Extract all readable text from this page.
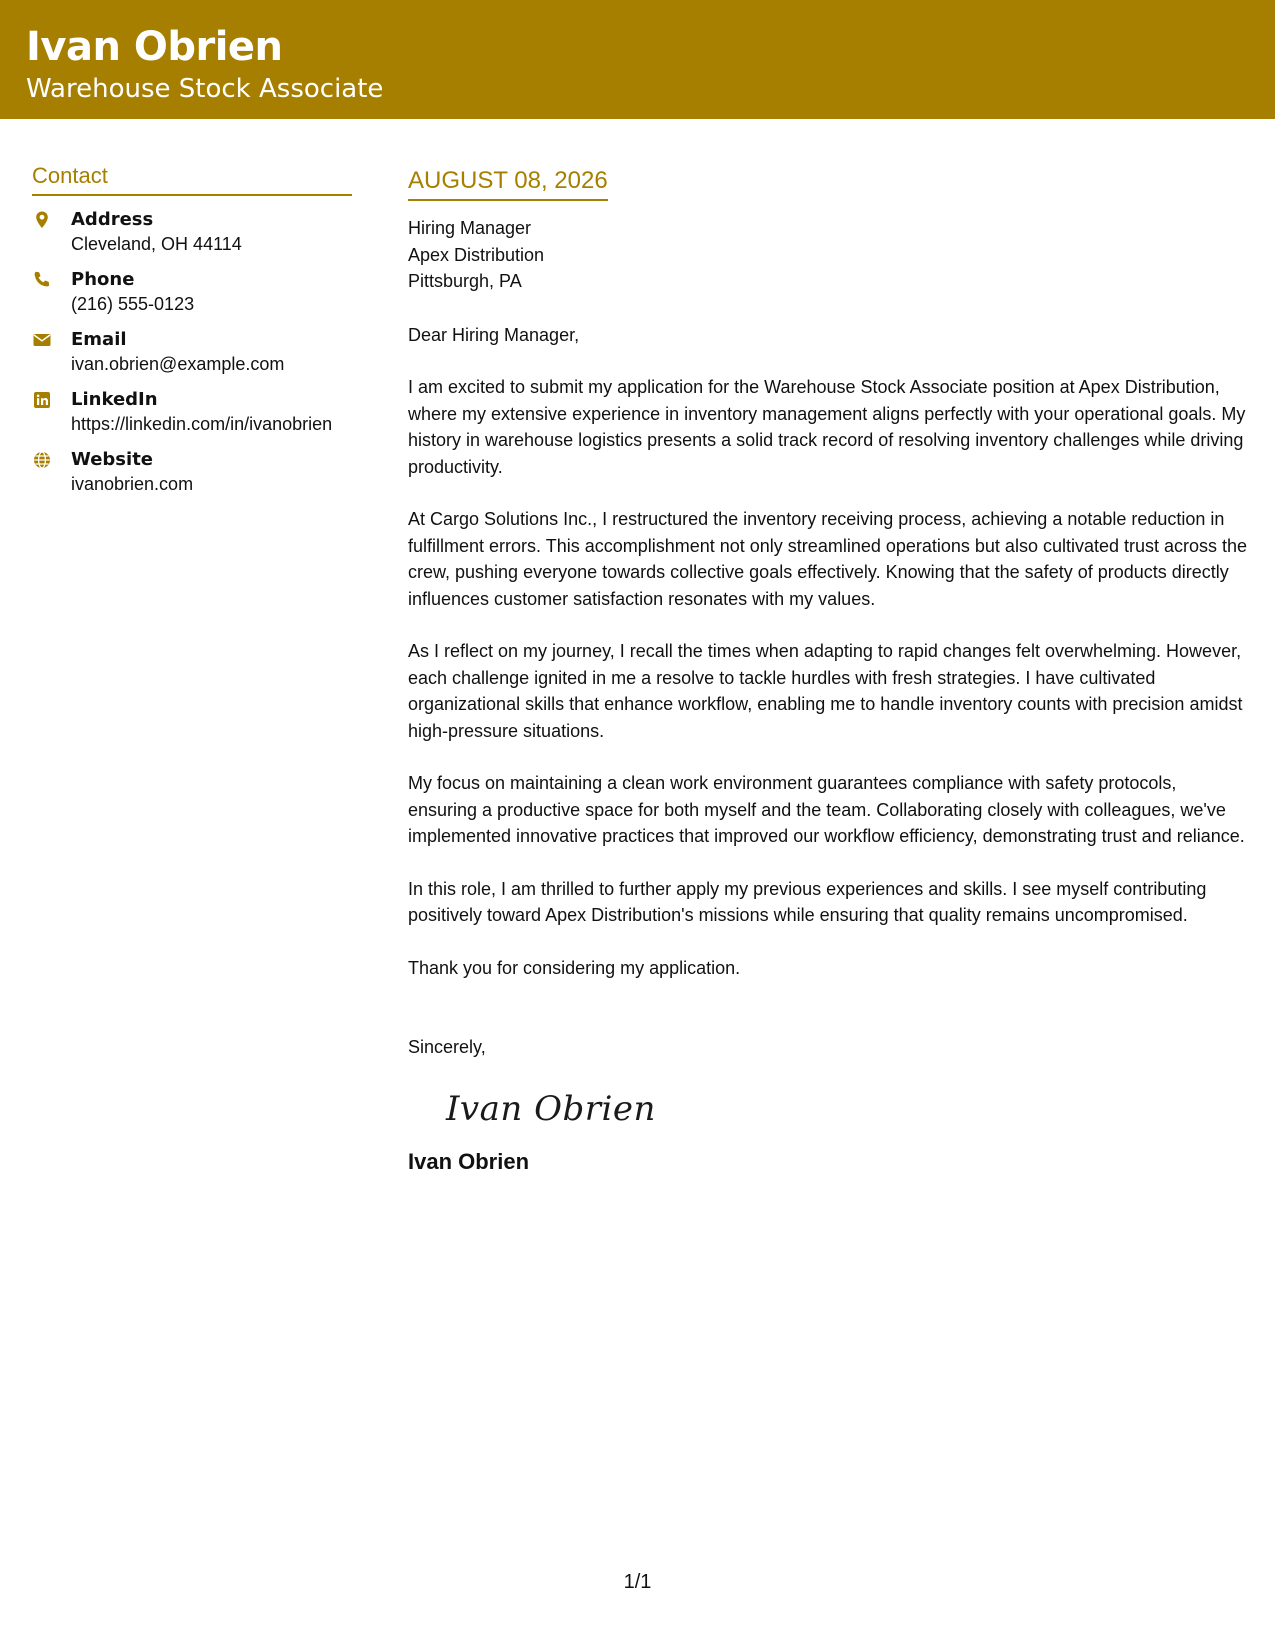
Ivan Obrien
Warehouse Stock Associate
Contact
Address
Cleveland, OH 44114
Phone
(216) 555-0123
Email
ivan.obrien@example.com
LinkedIn
https://linkedin.com/in/ivanobrien
Website
ivanobrien.com
AUGUST 08, 2026
Hiring Manager
Apex Distribution
Pittsburgh, PA
Dear Hiring Manager,
I am excited to submit my application for the Warehouse Stock Associate position at Apex Distribution, where my extensive experience in inventory management aligns perfectly with your operational goals. My history in warehouse logistics presents a solid track record of resolving inventory challenges while driving productivity.
At Cargo Solutions Inc., I restructured the inventory receiving process, achieving a notable reduction in fulfillment errors. This accomplishment not only streamlined operations but also cultivated trust across the crew, pushing everyone towards collective goals effectively. Knowing that the safety of products directly influences customer satisfaction resonates with my values.
As I reflect on my journey, I recall the times when adapting to rapid changes felt overwhelming. However, each challenge ignited in me a resolve to tackle hurdles with fresh strategies. I have cultivated organizational skills that enhance workflow, enabling me to handle inventory counts with precision amidst high-pressure situations.
My focus on maintaining a clean work environment guarantees compliance with safety protocols, ensuring a productive space for both myself and the team. Collaborating closely with colleagues, we've implemented innovative practices that improved our workflow efficiency, demonstrating trust and reliance.
In this role, I am thrilled to further apply my previous experiences and skills. I see myself contributing positively toward Apex Distribution's missions while ensuring that quality remains uncompromised.
Thank you for considering my application.
Sincerely,
Ivan Obrien
Ivan Obrien
1/1
